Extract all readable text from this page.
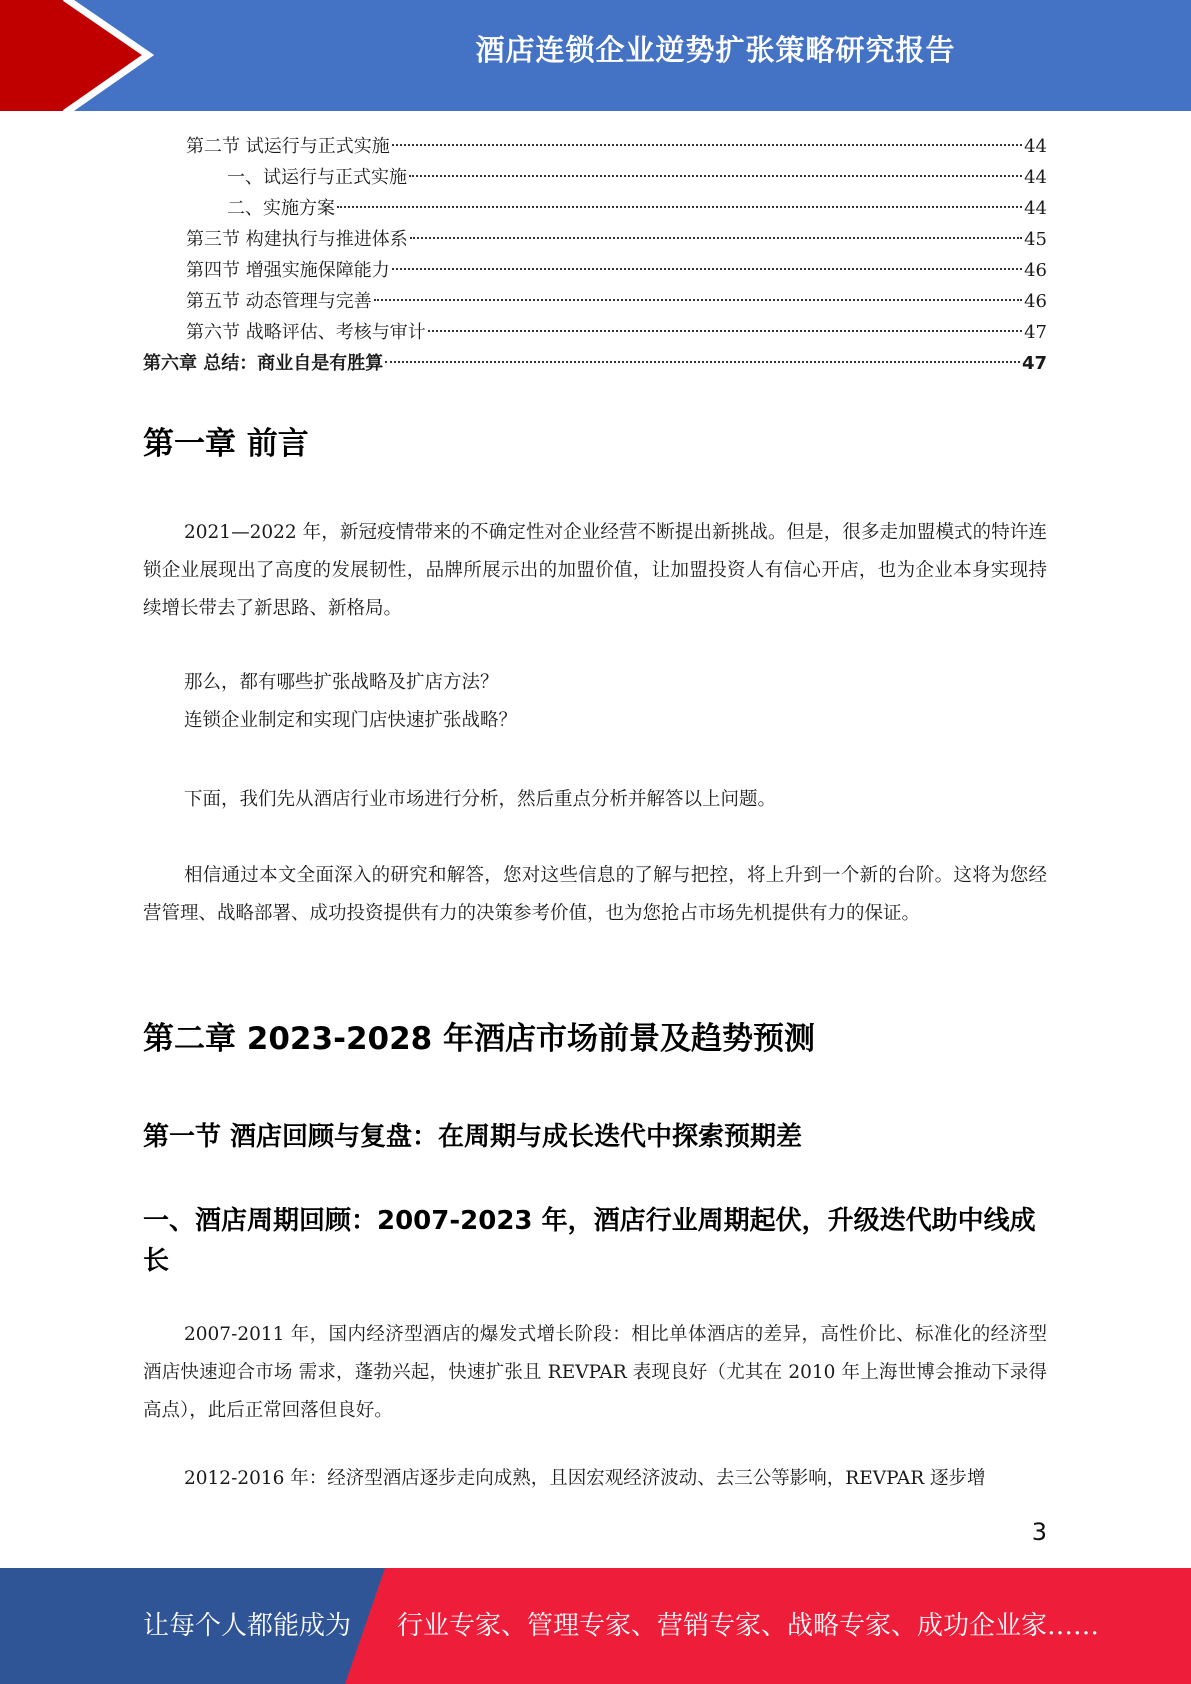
酒店连锁企业逆势扩张策略研究报告
第二节 试运行与正式实施	44
一、试运行与正式实施	44
二、实施方案	44
第三节 构建执行与推进体系	45
第四节 增强实施保障能力	46
第五节 动态管理与完善	46
第六节 战略评估、考核与审计	47
第六章 总结：商业自是有胜算	47
第一章 前言

2021—2022 年，新冠疫情带来的不确定性对企业经营不断提出新挑战。但是，很多走加盟模式的特许连锁企业展现出了高度的发展韧性，品牌所展示出的加盟价值，让加盟投资人有信心开店，也为企业本身实现持续增长带去了新思路、新格局。

那么，都有哪些扩张战略及扩店方法？

连锁企业制定和实现门店快速扩张战略？

下面，我们先从酒店行业市场进行分析，然后重点分析并解答以上问题。

相信通过本文全面深入的研究和解答，您对这些信息的了解与把控，将上升到一个新的台阶。这将为您经营管理、战略部署、成功投资提供有力的决策参考价值，也为您抢占市场先机提供有力的保证。

第二章 2023-2028 年酒店市场前景及趋势预测
第一节 酒店回顾与复盘：在周期与成长迭代中探索预期差
一、酒店周期回顾：2007-2023 年，酒店行业周期起伏，升级迭代助中线成长

2007-2011 年，国内经济型酒店的爆发式增长阶段：相比单体酒店的差异，高性价比、标准化的经济型酒店快速迎合市场 需求，蓬勃兴起，快速扩张且 REVPAR 表现良好（尤其在 2010 年上海世博会推动下录得高点），此后正常回落但良好。

2012-2016 年：经济型酒店逐步走向成熟，且因宏观经济波动、去三公等影响，REVPAR 逐步增

3
让每个人都能成为 行业专家、管理专家、营销专家、战略专家、成功企业家……
